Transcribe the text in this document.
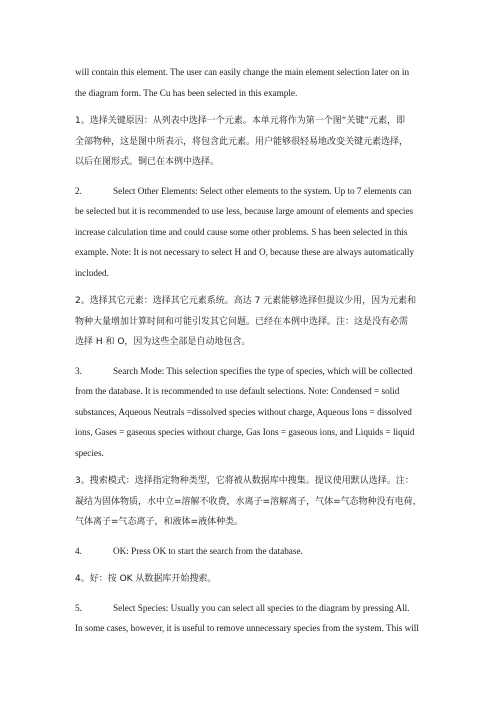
will contain this element. The user can easily change the main element selection later on in
the diagram form. The Cu has been selected in this example.

1。选择关键原因：从列表中选择一个元素。本单元将作为第一个图“关键”元素，即
全部物种，这是图中所表示，将包含此元素。用户能够很轻易地改变关键元素选择，
以后在图形式。铜已在本例中选择。

2.	Select Other Elements: Select other elements to the system. Up to 7 elements can
be selected but it is recommended to use less, because large amount of elements and species
increase calculation time and could cause some other problems. S has been selected in this
example. Note: It is not necessary to select H and O, because these are always automatically
included.

2。选择其它元素：选择其它元素系统。高达 7 元素能够选择但提议少用，因为元素和
物种大量增加计算时间和可能引发其它问题。已经在本例中选择。注：这是没有必需
选择 H 和 O，因为这些全部是自动地包含。

3.	Search Mode: This selection specifies the type of species, which will be collected
from the database. It is recommended to use default selections. Note: Condensed = solid
substances, Aqueous Neutrals =dissolved species without charge, Aqueous Ions = dissolved
ions, Gases = gaseous species without charge, Gas Ions = gaseous ions, and Liquids = liquid
species.

3。搜索模式：选择指定物种类型，它将被从数据库中搜集。提议使用默认选择。注：
凝结为固体物质，水中立=溶解不收费，水离子=溶解离子，气体=气态物种没有电荷，
气体离子=气态离子，和液体=液体种类。

4.	OK: Press OK to start the search from the database.

4。好：按 OK 从数据库开始搜索。

5.	Select Species: Usually you can select all species to the diagram by pressing All.
In some cases, however, it is useful to remove unnecessary species from the system. This will
